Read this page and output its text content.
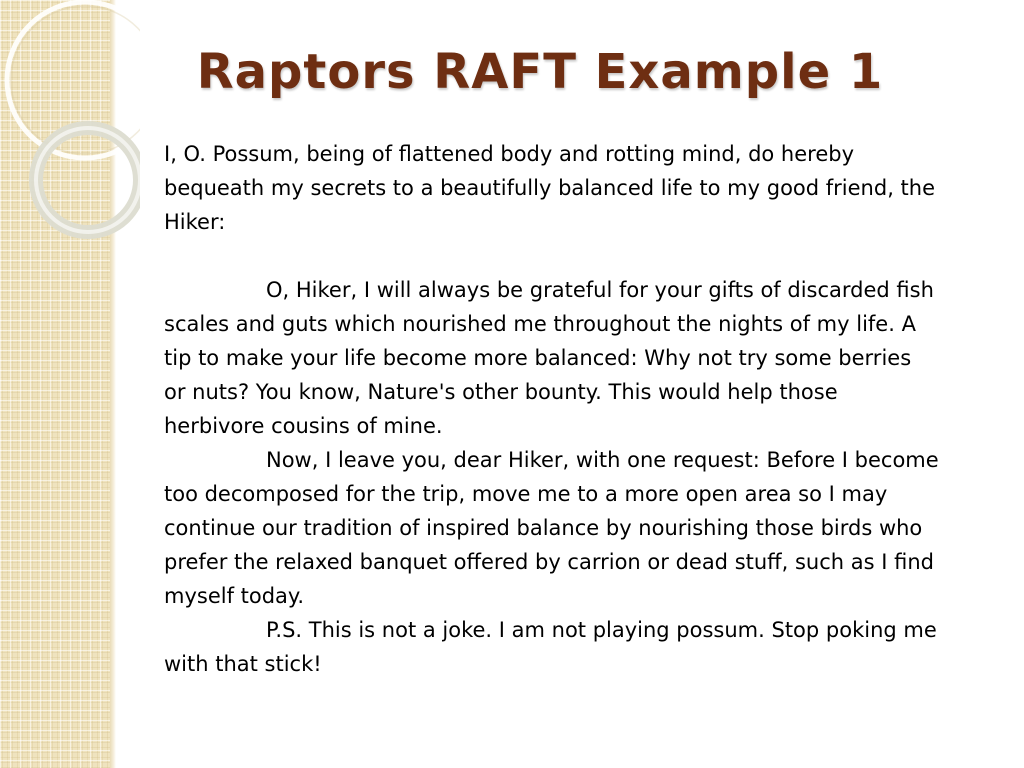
Raptors RAFT Example 1

I, O. Possum, being of flattened body and rotting mind, do hereby bequeath my secrets to a beautifully balanced life to my good friend, the Hiker:

O, Hiker, I will always be grateful for your gifts of discarded fish scales and guts which nourished me throughout the nights of my life. A tip to make your life become more balanced: Why not try some berries or nuts? You know, Nature's other bounty. This would help those herbivore cousins of mine.

Now, I leave you, dear Hiker, with one request: Before I become too decomposed for the trip, move me to a more open area so I may continue our tradition of inspired balance by nourishing those birds who prefer the relaxed banquet offered by carrion or dead stuff, such as I find myself today.

P.S. This is not a joke. I am not playing possum. Stop poking me with that stick!
